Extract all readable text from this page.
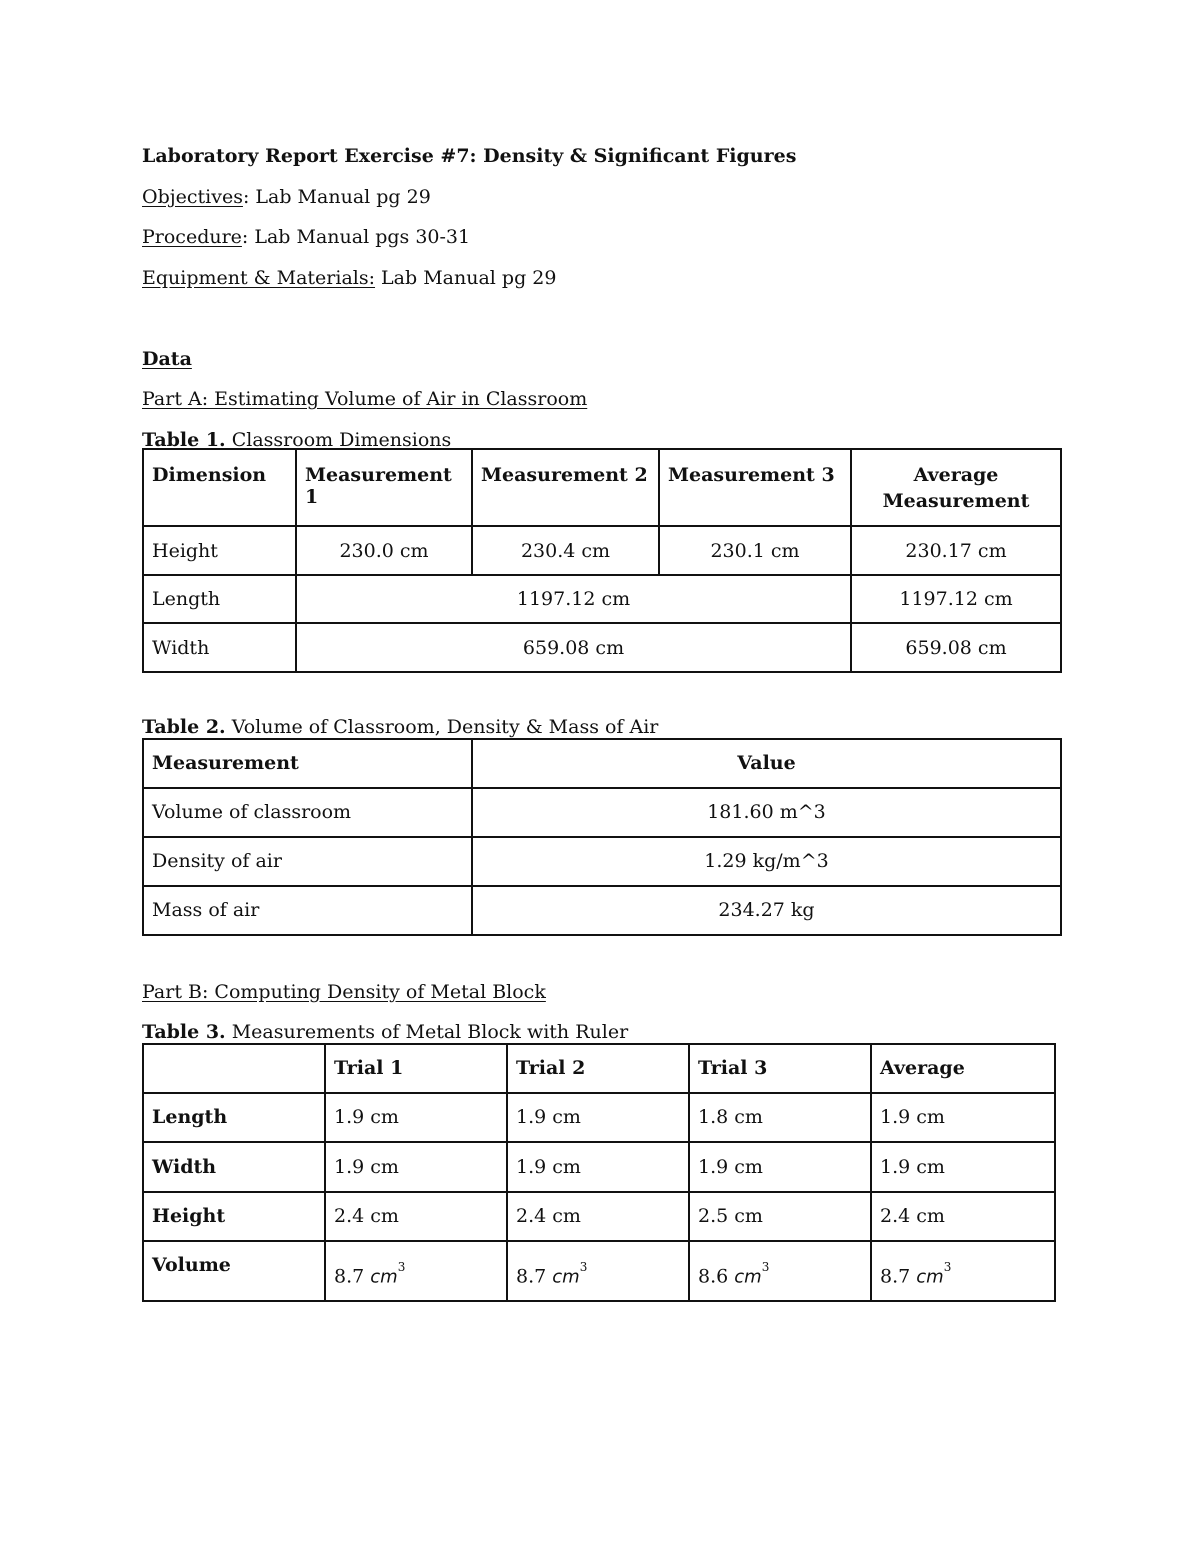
Laboratory Report Exercise #7: Density & Significant Figures
Objectives: Lab Manual pg 29
Procedure: Lab Manual pgs 30-31
Equipment & Materials: Lab Manual pg 29
Data
Part A: Estimating Volume of Air in Classroom
Table 1. Classroom Dimensions
Dimension	Measurement 1	Measurement 2	Measurement 3	Average Measurement
Height	230.0 cm	230.4 cm	230.1 cm	230.17 cm
Length	1197.12 cm			1197.12 cm
Width	659.08 cm			659.08 cm
Table 2. Volume of Classroom, Density & Mass of Air
Measurement	Value
Volume of classroom	181.60 m^3
Density of air	1.29 kg/m^3
Mass of air	234.27 kg
Part B: Computing Density of Metal Block
Table 3. Measurements of Metal Block with Ruler
	Trial 1	Trial 2	Trial 3	Average
Length	1.9 cm	1.9 cm	1.8 cm	1.9 cm
Width	1.9 cm	1.9 cm	1.9 cm	1.9 cm
Height	2.4 cm	2.4 cm	2.5 cm	2.4 cm
Volume	8.7 $cm^3$	8.7 $cm^3$	8.6 $cm^3$	8.7 $cm^3$
